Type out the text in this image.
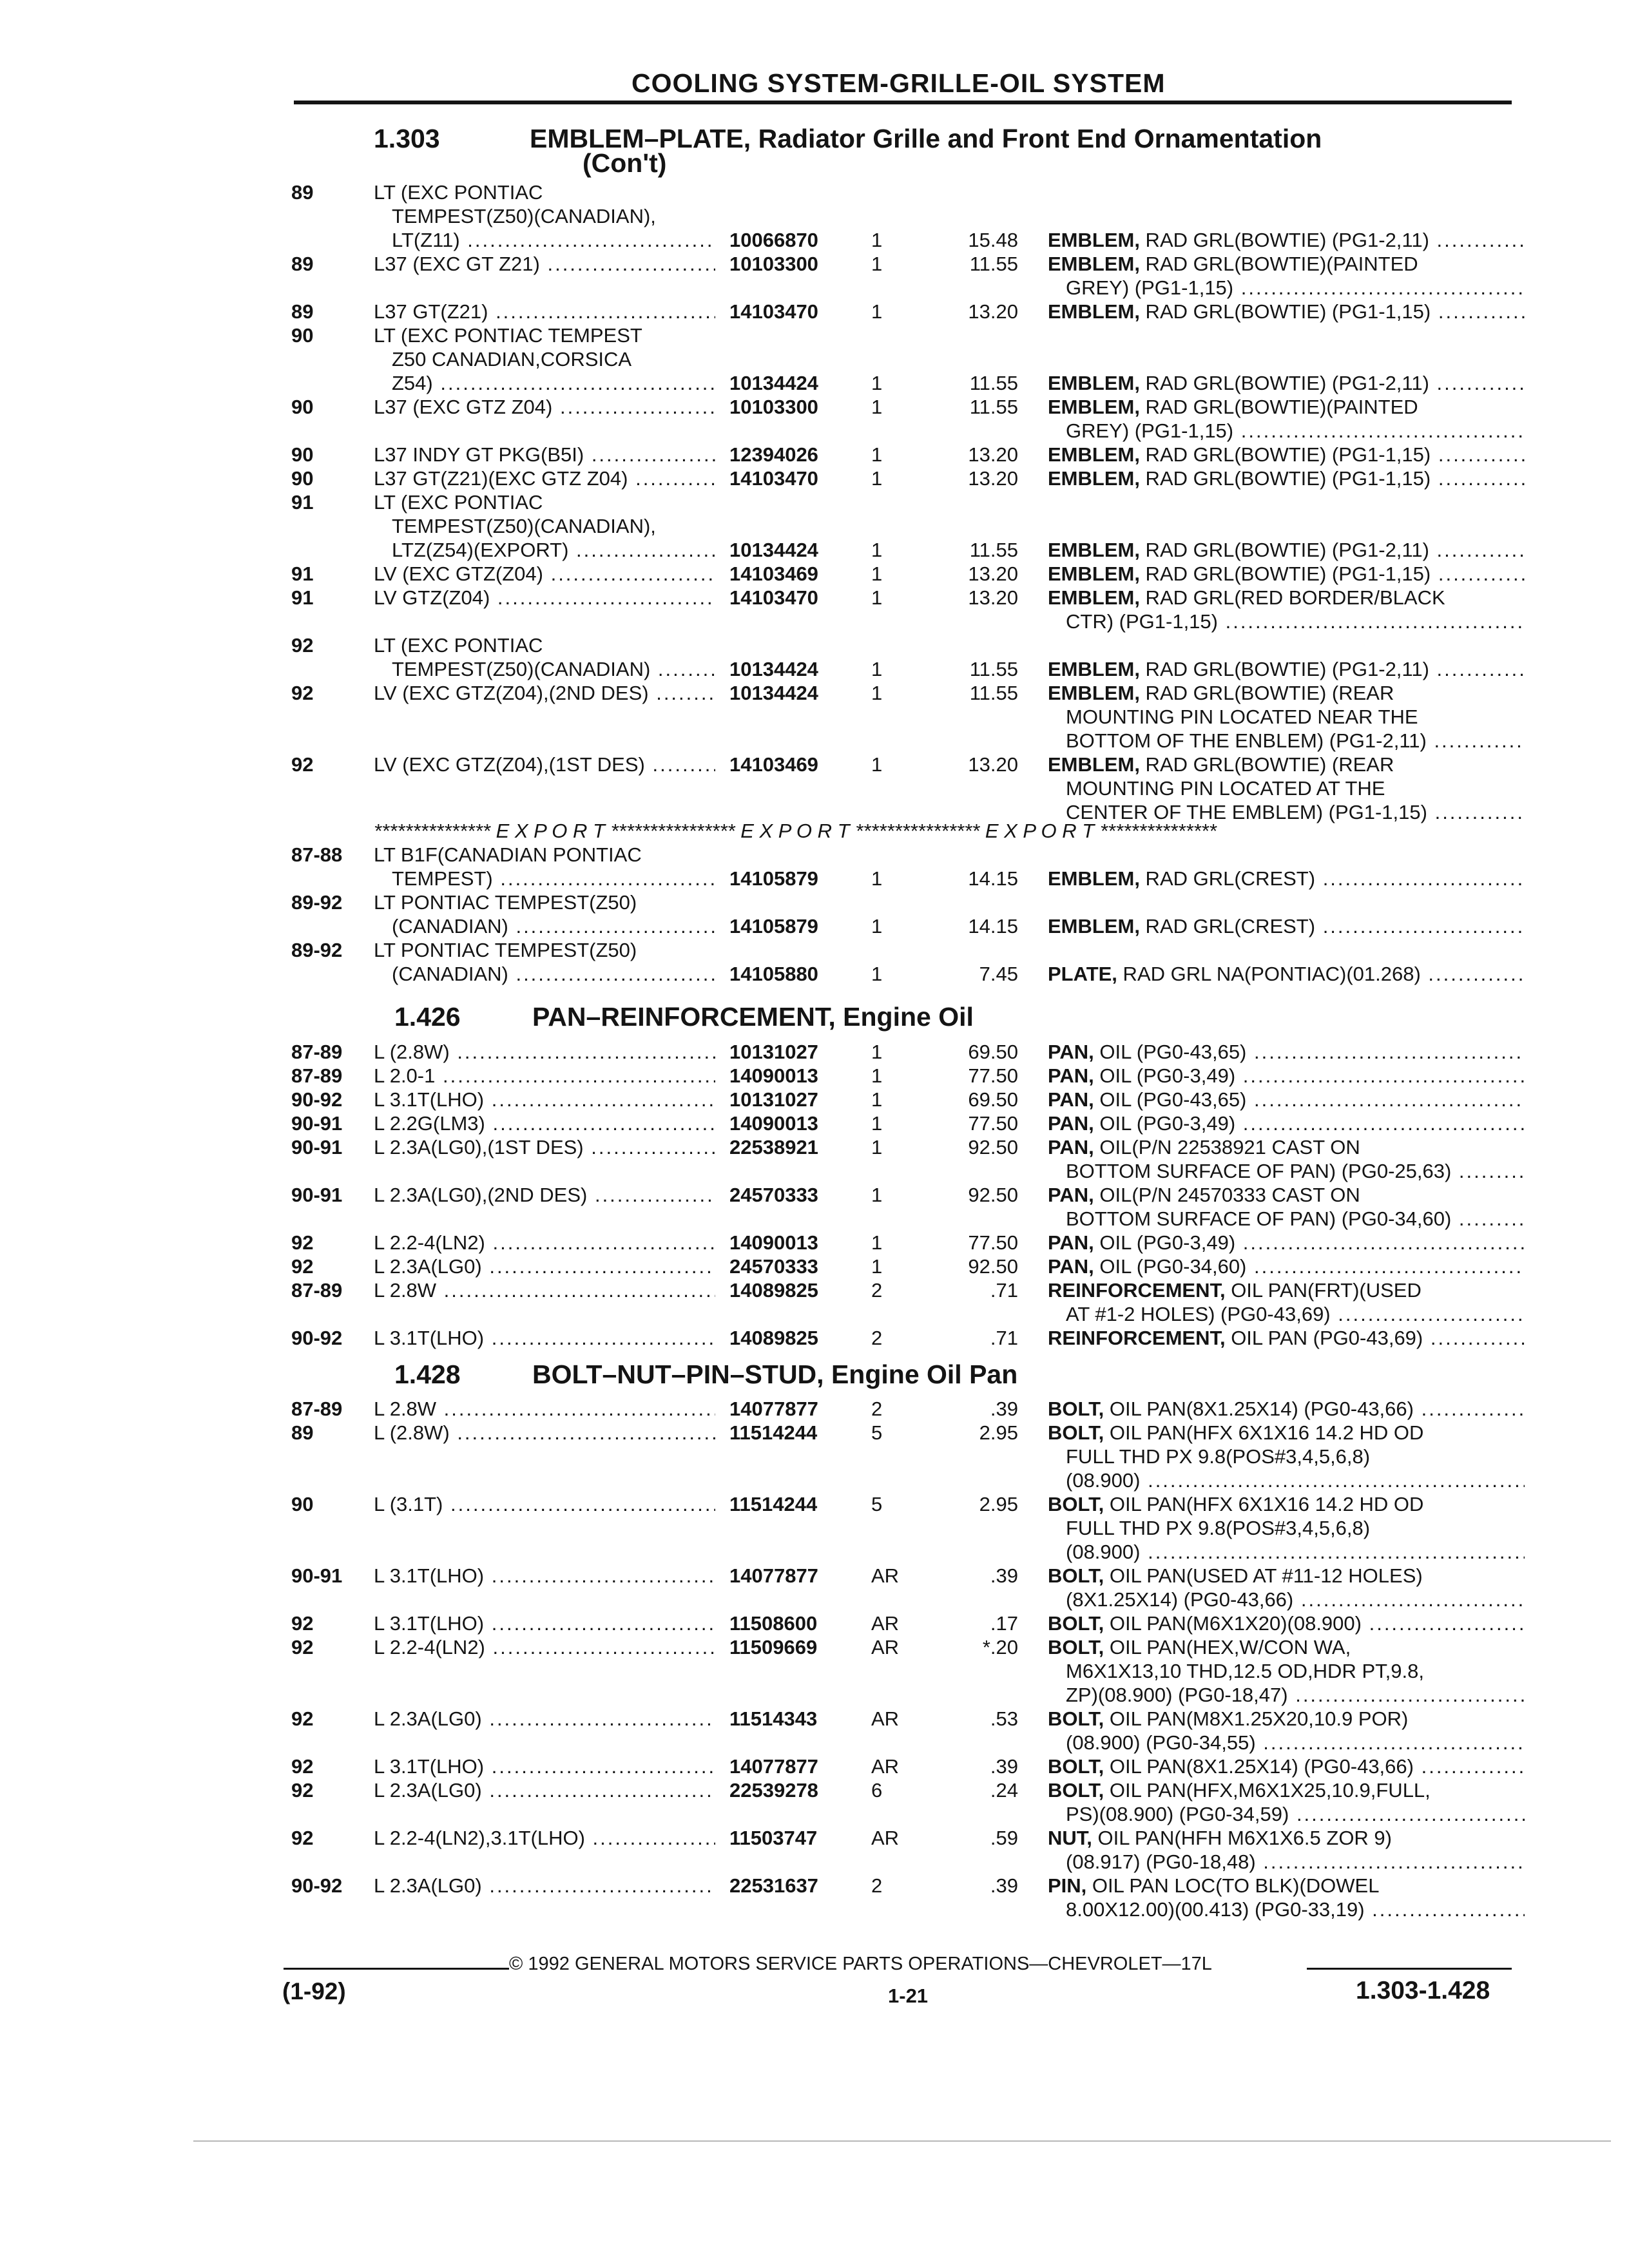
COOLING SYSTEM-GRILLE-OIL SYSTEM
1.303	EMBLEM–PLATE, Radiator Grille and Front End Ornamentation
(Con't)
89	LT (EXC PONTIAC
TEMPEST(Z50)(CANADIAN),
LT(Z11) .....	10066870	1	15.48 EMBLEM, RAD GRL(BOWTIE) (PG1-2,11) .....
89	L37 (EXC GT Z21) .....	10103300	1	11.55 EMBLEM, RAD GRL(BOWTIE)(PAINTED
GREY) (PG1-1,15) .....
89	L37 GT(Z21) .....	14103470	1	13.20 EMBLEM, RAD GRL(BOWTIE) (PG1-1,15) .....
90	LT (EXC PONTIAC TEMPEST
Z50 CANADIAN,CORSICA
Z54) .....	10134424	1	11.55 EMBLEM, RAD GRL(BOWTIE) (PG1-2,11) .....
90	L37 (EXC GTZ Z04) .....	10103300	1	11.55 EMBLEM, RAD GRL(BOWTIE)(PAINTED
GREY) (PG1-1,15) .....
90	L37 INDY GT PKG(B5I) .....	12394026	1	13.20 EMBLEM, RAD GRL(BOWTIE) (PG1-1,15) .....
90	L37 GT(Z21)(EXC GTZ Z04) .....	14103470	1	13.20 EMBLEM, RAD GRL(BOWTIE) (PG1-1,15) .....
91	LT (EXC PONTIAC
TEMPEST(Z50)(CANADIAN),
LTZ(Z54)(EXPORT) .....	10134424	1	11.55 EMBLEM, RAD GRL(BOWTIE) (PG1-2,11) .....
91	LV (EXC GTZ(Z04) .....	14103469	1	13.20 EMBLEM, RAD GRL(BOWTIE) (PG1-1,15) .....
91	LV GTZ(Z04) .....	14103470	1	13.20 EMBLEM, RAD GRL(RED BORDER/BLACK
CTR) (PG1-1,15) .....
92	LT (EXC PONTIAC
TEMPEST(Z50)(CANADIAN) .....	10134424	1	11.55 EMBLEM, RAD GRL(BOWTIE) (PG1-2,11) .....
92	LV (EXC GTZ(Z04),(2ND DES) .....	10134424	1	11.55 EMBLEM, RAD GRL(BOWTIE) (REAR
MOUNTING PIN LOCATED NEAR THE
BOTTOM OF THE ENBLEM) (PG1-2,11) .....
92	LV (EXC GTZ(Z04),(1ST DES) .....	14103469	1	13.20 EMBLEM, RAD GRL(BOWTIE) (REAR
MOUNTING PIN LOCATED AT THE
CENTER OF THE EMBLEM) (PG1-1,15) .....
*************** E X P O R T **************** E X P O R T **************** E X P O R T ***************
87-88 LT B1F(CANADIAN PONTIAC
TEMPEST) .....	14105879	1	14.15 EMBLEM, RAD GRL(CREST) .....
89-92 LT PONTIAC TEMPEST(Z50)
(CANADIAN) .....	14105879	1	14.15 EMBLEM, RAD GRL(CREST) .....
89-92 LT PONTIAC TEMPEST(Z50)
(CANADIAN) .....	14105880	1	7.45 PLATE, RAD GRL NA(PONTIAC)(01.268) .....
1.426	PAN–REINFORCEMENT, Engine Oil
87-89 L (2.8W) .....	10131027	1	69.50 PAN, OIL (PG0-43,65) .....
87-89 L 2.0-1 .....	14090013	1	77.50 PAN, OIL (PG0-3,49) .....
90-92 L 3.1T(LHO) .....	10131027	1	69.50 PAN, OIL (PG0-43,65) .....
90-91 L 2.2G(LM3) .....	14090013	1	77.50 PAN, OIL (PG0-3,49) .....
90-91 L 2.3A(LG0),(1ST DES) .....	22538921	1	92.50 PAN, OIL(P/N 22538921 CAST ON
BOTTOM SURFACE OF PAN) (PG0-25,63) .....
90-91 L 2.3A(LG0),(2ND DES) .....	24570333	1	92.50 PAN, OIL(P/N 24570333 CAST ON
BOTTOM SURFACE OF PAN) (PG0-34,60) .....
92	L 2.2-4(LN2) .....	14090013	1	77.50 PAN, OIL (PG0-3,49) .....
92	L 2.3A(LG0) .....	24570333	1	92.50 PAN, OIL (PG0-34,60) .....
87-89 L 2.8W .....	14089825	2	.71 REINFORCEMENT, OIL PAN(FRT)(USED
AT #1-2 HOLES) (PG0-43,69) .....
90-92 L 3.1T(LHO) .....	14089825	2	.71 REINFORCEMENT, OIL PAN (PG0-43,69) .....
1.428	BOLT–NUT–PIN–STUD, Engine Oil Pan
87-89 L 2.8W .....	14077877	2	.39 BOLT, OIL PAN(8X1.25X14) (PG0-43,66) .....
89	L (2.8W) .....	11514244	5	2.95 BOLT, OIL PAN(HFX 6X1X16 14.2 HD OD
FULL THD PX 9.8(POS#3,4,5,6,8)
(08.900) .....
90	L (3.1T) .....	11514244	5	2.95 BOLT, OIL PAN(HFX 6X1X16 14.2 HD OD
FULL THD PX 9.8(POS#3,4,5,6,8)
(08.900) .....
90-91 L 3.1T(LHO) .....	14077877	AR	.39 BOLT, OIL PAN(USED AT #11-12 HOLES)
(8X1.25X14) (PG0-43,66) .....
92	L 3.1T(LHO) .....	11508600	AR	.17 BOLT, OIL PAN(M6X1X20)(08.900) .....
92	L 2.2-4(LN2) .....	11509669	AR	*.20 BOLT, OIL PAN(HEX,W/CON WA,
M6X1X13,10 THD,12.5 OD,HDR PT,9.8,
ZP)(08.900) (PG0-18,47) .....
92	L 2.3A(LG0) .....	11514343	AR	.53 BOLT, OIL PAN(M8X1.25X20,10.9 POR)
(08.900) (PG0-34,55) .....
92	L 3.1T(LHO) .....	14077877	AR	.39 BOLT, OIL PAN(8X1.25X14) (PG0-43,66) .....
92	L 2.3A(LG0) .....	22539278	6	.24 BOLT, OIL PAN(HFX,M6X1X25,10.9,FULL,
PS)(08.900) (PG0-34,59) .....
92	L 2.2-4(LN2),3.1T(LHO) .....	11503747	AR	.59 NUT, OIL PAN(HFH M6X1X6.5 ZOR 9)
(08.917) (PG0-18,48) .....
90-92 L 2.3A(LG0) .....	22531637	2	.39 PIN, OIL PAN LOC(TO BLK)(DOWEL
8.00X12.00)(00.413) (PG0-33,19) .....
© 1992 GENERAL MOTORS SERVICE PARTS OPERATIONS—CHEVROLET—17L
(1-92)	1-21	1.303-1.428
